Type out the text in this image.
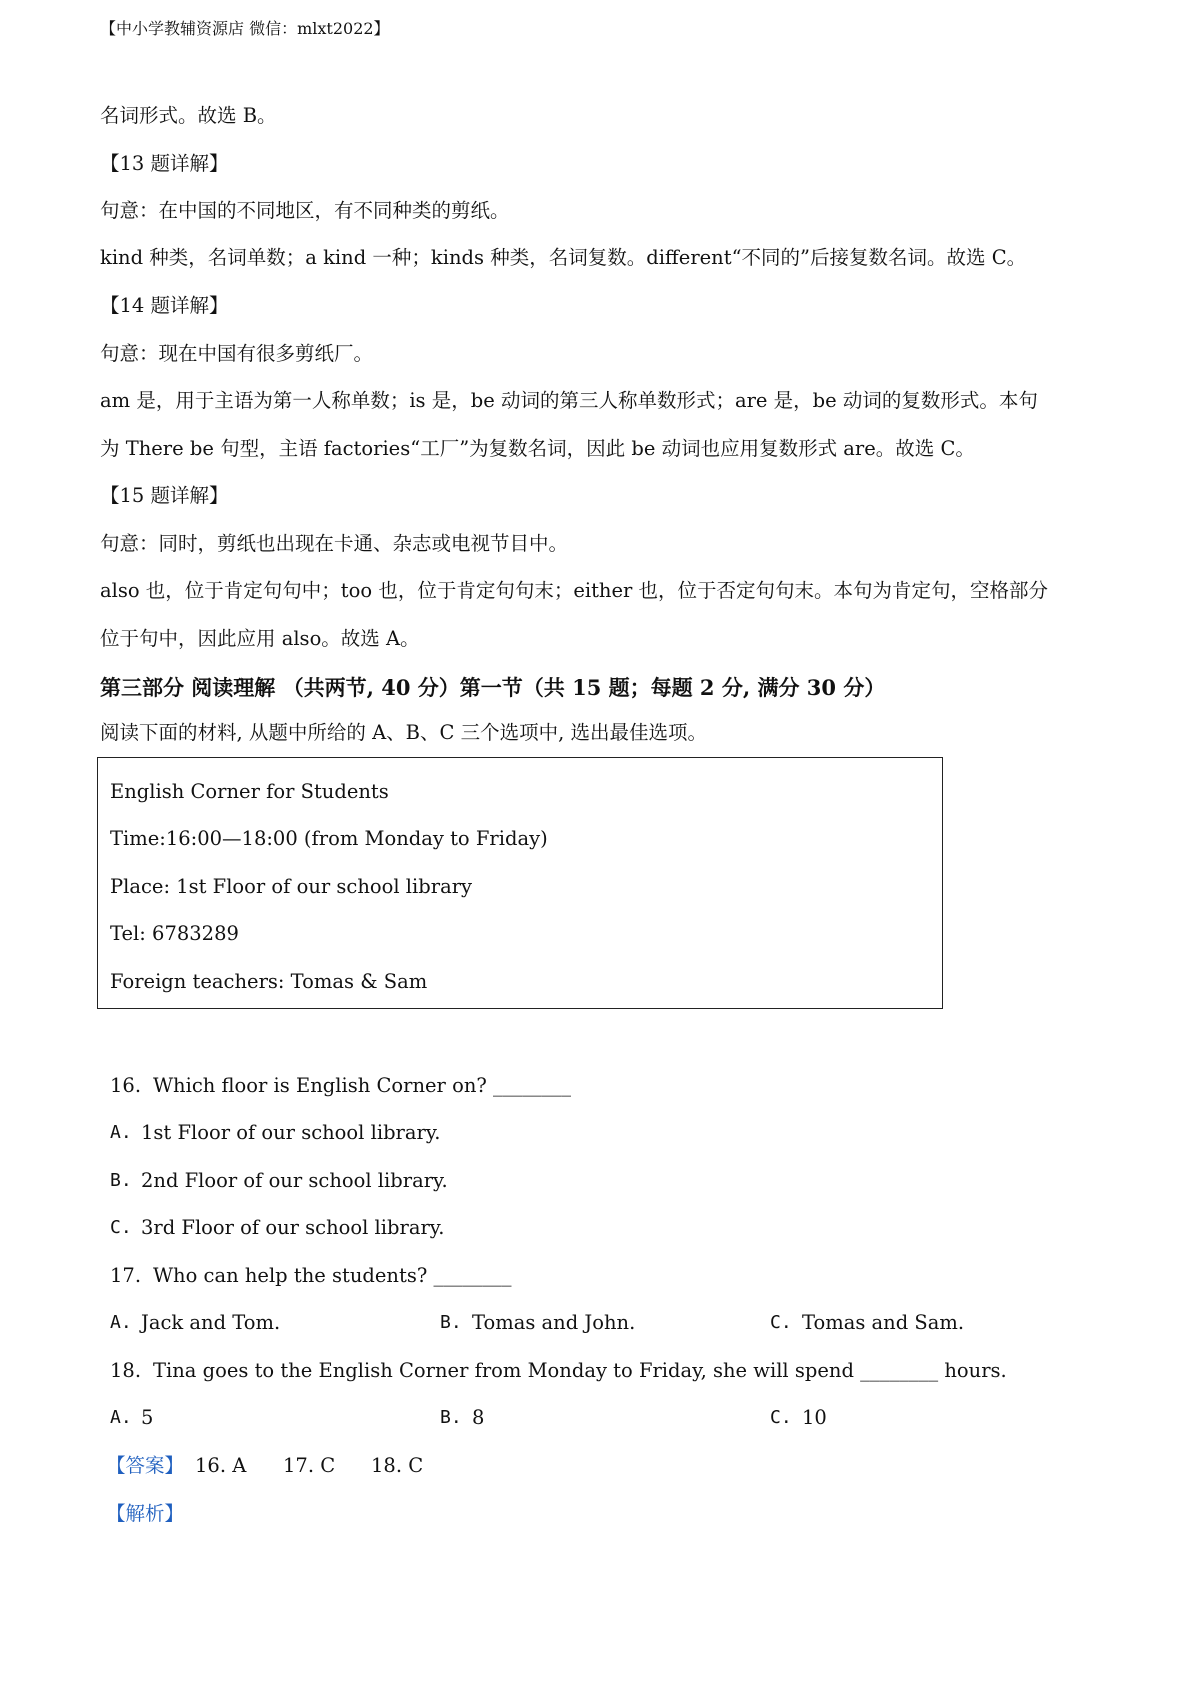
【中小学教辅资源店 微信：mlxt2022】
名词形式。故选 B。
【13 题详解】
句意：在中国的不同地区，有不同种类的剪纸。
kind 种类，名词单数；a kind 一种；kinds 种类，名词复数。different“不同的”后接复数名词。故选 C。
【14 题详解】
句意：现在中国有很多剪纸厂。
am 是，用于主语为第一人称单数；is 是，be 动词的第三人称单数形式；are 是，be 动词的复数形式。本句
为 There be 句型，主语 factories“工厂”为复数名词，因此 be 动词也应用复数形式 are。故选 C。
【15 题详解】
句意：同时，剪纸也出现在卡通、杂志或电视节目中。
also 也，位于肯定句句中；too 也，位于肯定句句末；either 也，位于否定句句末。本句为肯定句，空格部分
位于句中，因此应用 also。故选 A。
第三部分 阅读理解 （共两节, 40 分）第一节（共 15 题；每题 2 分, 满分 30 分）
阅读下面的材料, 从题中所给的 A、B、C 三个选项中, 选出最佳选项。
English Corner for Students
Time:16:00—18:00 (from Monday to Friday)
Place: 1st Floor of our school library
Tel: 6783289
Foreign teachers: Tomas & Sam
16. Which floor is English Corner on? ________
A. 1st Floor of our school library.
B. 2nd Floor of our school library.
C. 3rd Floor of our school library.
17. Who can help the students? ________
A. Jack and Tom.	B. Tomas and John.	C. Tomas and Sam.
18. Tina goes to the English Corner from Monday to Friday, she will spend ________ hours.
A. 5	B. 8	C. 10
【答案】 16. A 17. C 18. C
【解析】
